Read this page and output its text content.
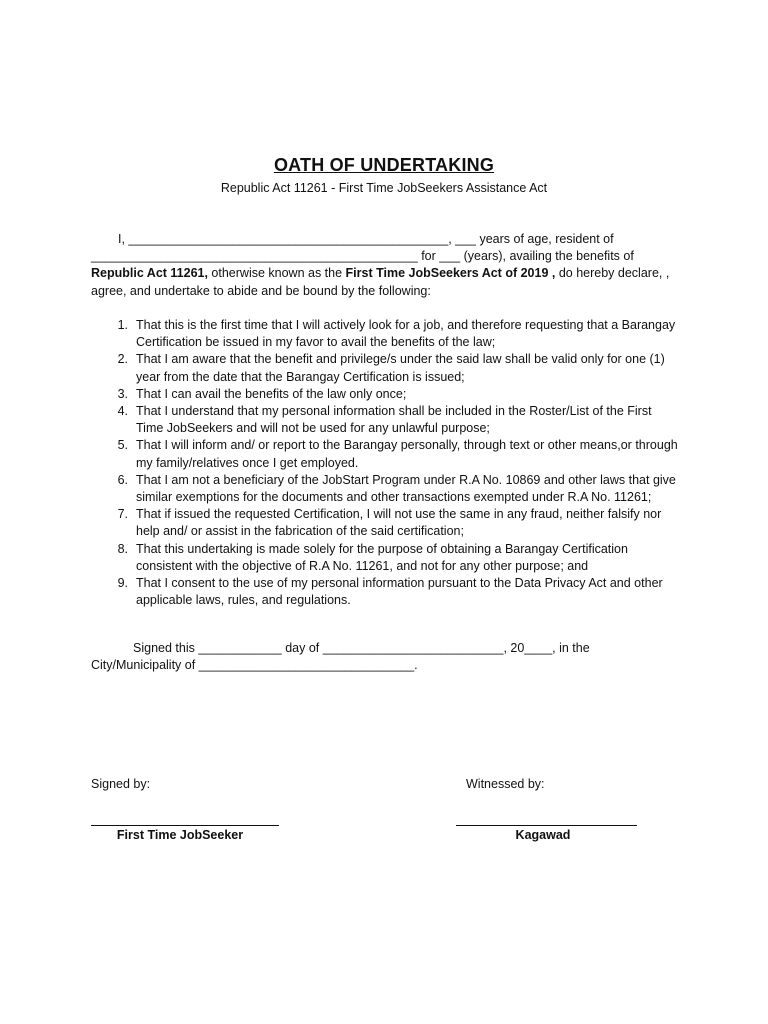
OATH OF UNDERTAKING
Republic Act 11261 - First Time JobSeekers Assistance Act
I, ______________________________________________, ___ years of age, resident of
_______________________________________________ for ___ (years), availing the benefits of
Republic Act 11261, otherwise known as the First Time JobSeekers Act of 2019 , do hereby declare, ,
agree, and undertake to abide and be bound by the following:
1. That this is the first time that I will actively look for a job, and therefore requesting that a Barangay Certification be issued in my favor to avail the benefits of the law;
2. That I am aware that the benefit and privilege/s under the said law shall be valid only for one (1) year from the date that the Barangay Certification is issued;
3. That I can avail the benefits of the law only once;
4. That I understand that my personal information shall be included in the Roster/List of the First Time JobSeekers and will not be used for any unlawful purpose;
5. That I will inform and/ or report to the Barangay personally, through text or other means,or through my family/relatives once I get employed.
6. That I am not a beneficiary of the JobStart Program under R.A No. 10869 and other laws that give similar exemptions for the documents and other transactions exempted under R.A No. 11261;
7. That if issued the requested Certification, I will not use the same in any fraud, neither falsify nor help and/ or assist in the fabrication of the said certification;
8. That this undertaking is made solely for the purpose of obtaining a Barangay Certification consistent with the objective of R.A No. 11261, and not for any other purpose; and
9. That I consent to the use of my personal information pursuant to the Data Privacy Act and other applicable laws, rules, and regulations.
Signed this ____________ day of __________________________, 20____, in the
City/Municipality of _______________________________.
Signed by:	Witnessed by:
First Time JobSeeker	Kagawad
